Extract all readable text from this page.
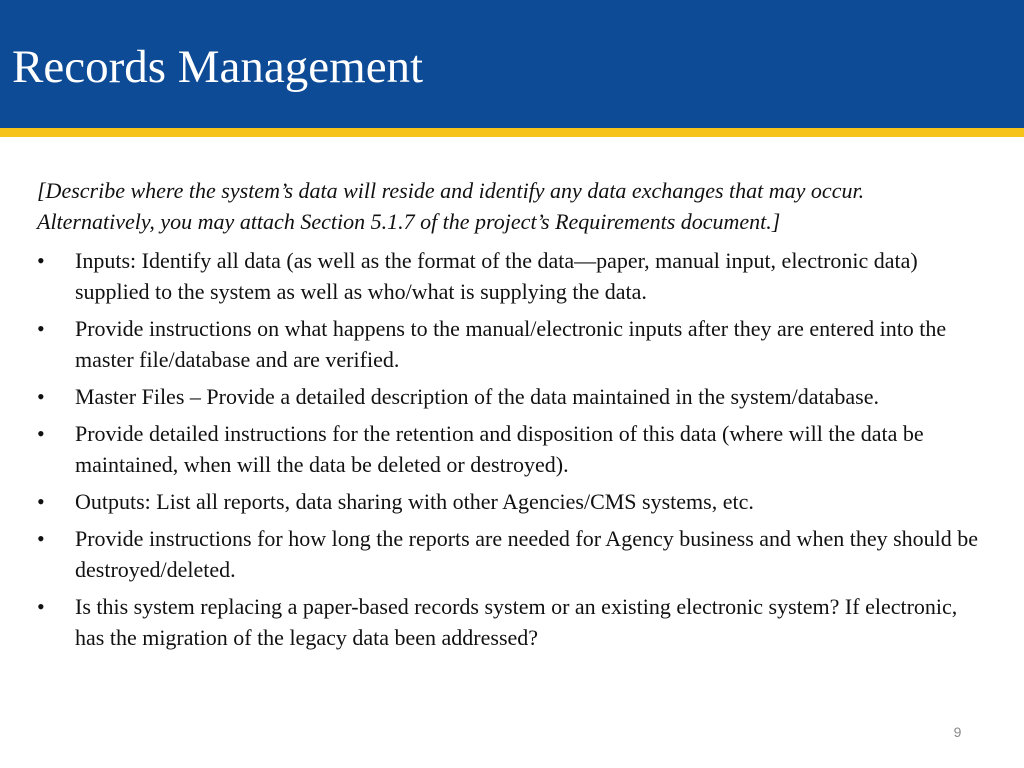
Records Management

[Describe where the system’s data will reside and identify any data exchanges that may occur. Alternatively, you may attach Section 5.1.7 of the project’s Requirements document.]

•	Inputs: Identify all data (as well as the format of the data—paper, manual input, electronic data) supplied to the system as well as who/what is supplying the data.
•	Provide instructions on what happens to the manual/electronic inputs after they are entered into the master file/database and are verified.
•	Master Files – Provide a detailed description of the data maintained in the system/database.
•	Provide detailed instructions for the retention and disposition of this data (where will the data be maintained, when will the data be deleted or destroyed).
•	Outputs: List all reports, data sharing with other Agencies/CMS systems, etc.
•	Provide instructions for how long the reports are needed for Agency business and when they should be destroyed/deleted.
•	Is this system replacing a paper-based records system or an existing electronic system? If electronic, has the migration of the legacy data been addressed?
9
